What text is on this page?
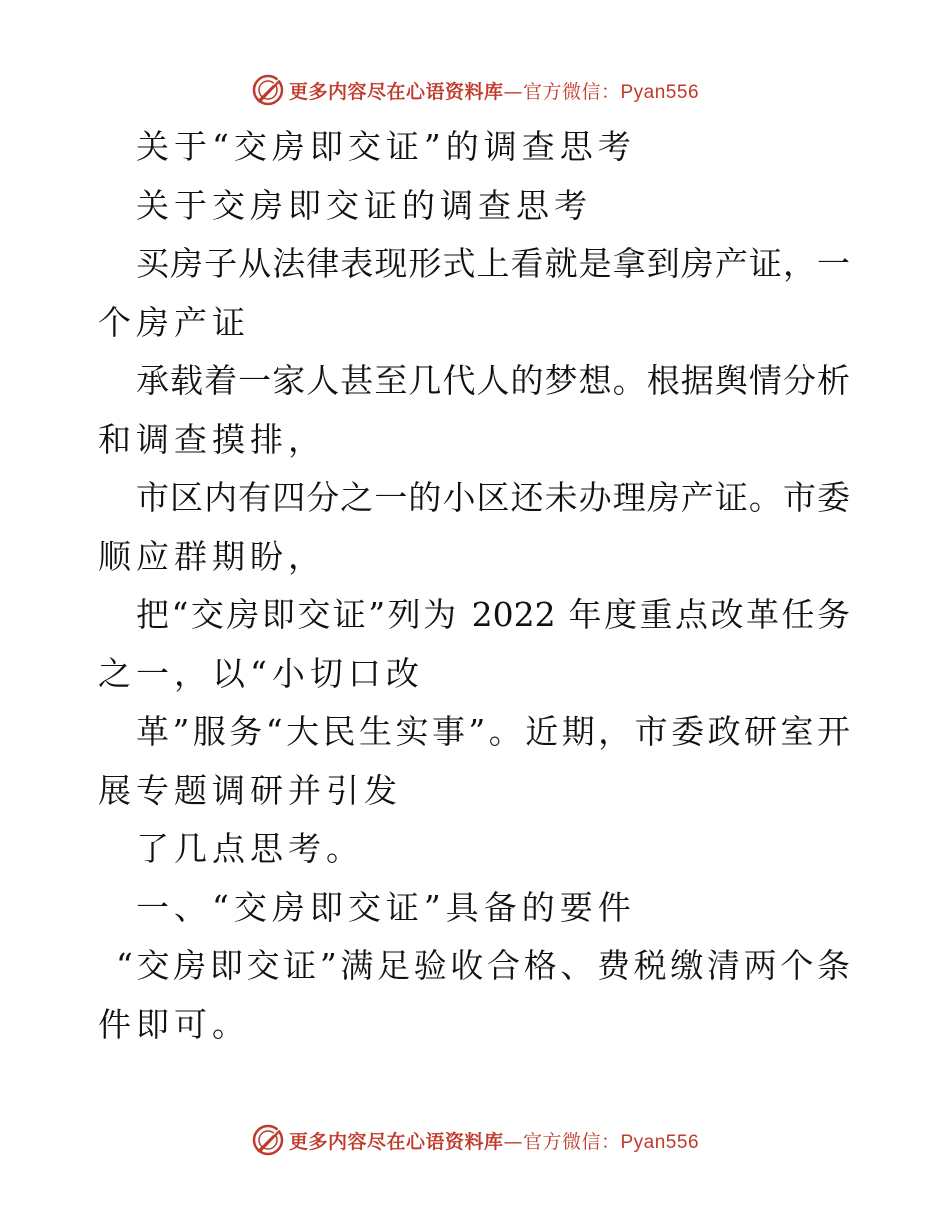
更多内容尽在心语资料库—官方微信：Pyan556
关于“交房即交证”的调查思考
关于交房即交证的调查思考
买房子从法律表现形式上看就是拿到房产证，一
个房产证
承载着一家人甚至几代人的梦想。根据舆情分析
和调查摸排，
市区内有四分之一的小区还未办理房产证。市委
顺应群期盼，
把“交房即交证”列为 2022 年度重点改革任务
之一，以“小切口改
革”服务“大民生实事”。近期，市委政研室开
展专题调研并引发
了几点思考。
一、“交房即交证”具备的要件
“交房即交证”满足验收合格、费税缴清两个条
件即可。
更多内容尽在心语资料库—官方微信：Pyan556
